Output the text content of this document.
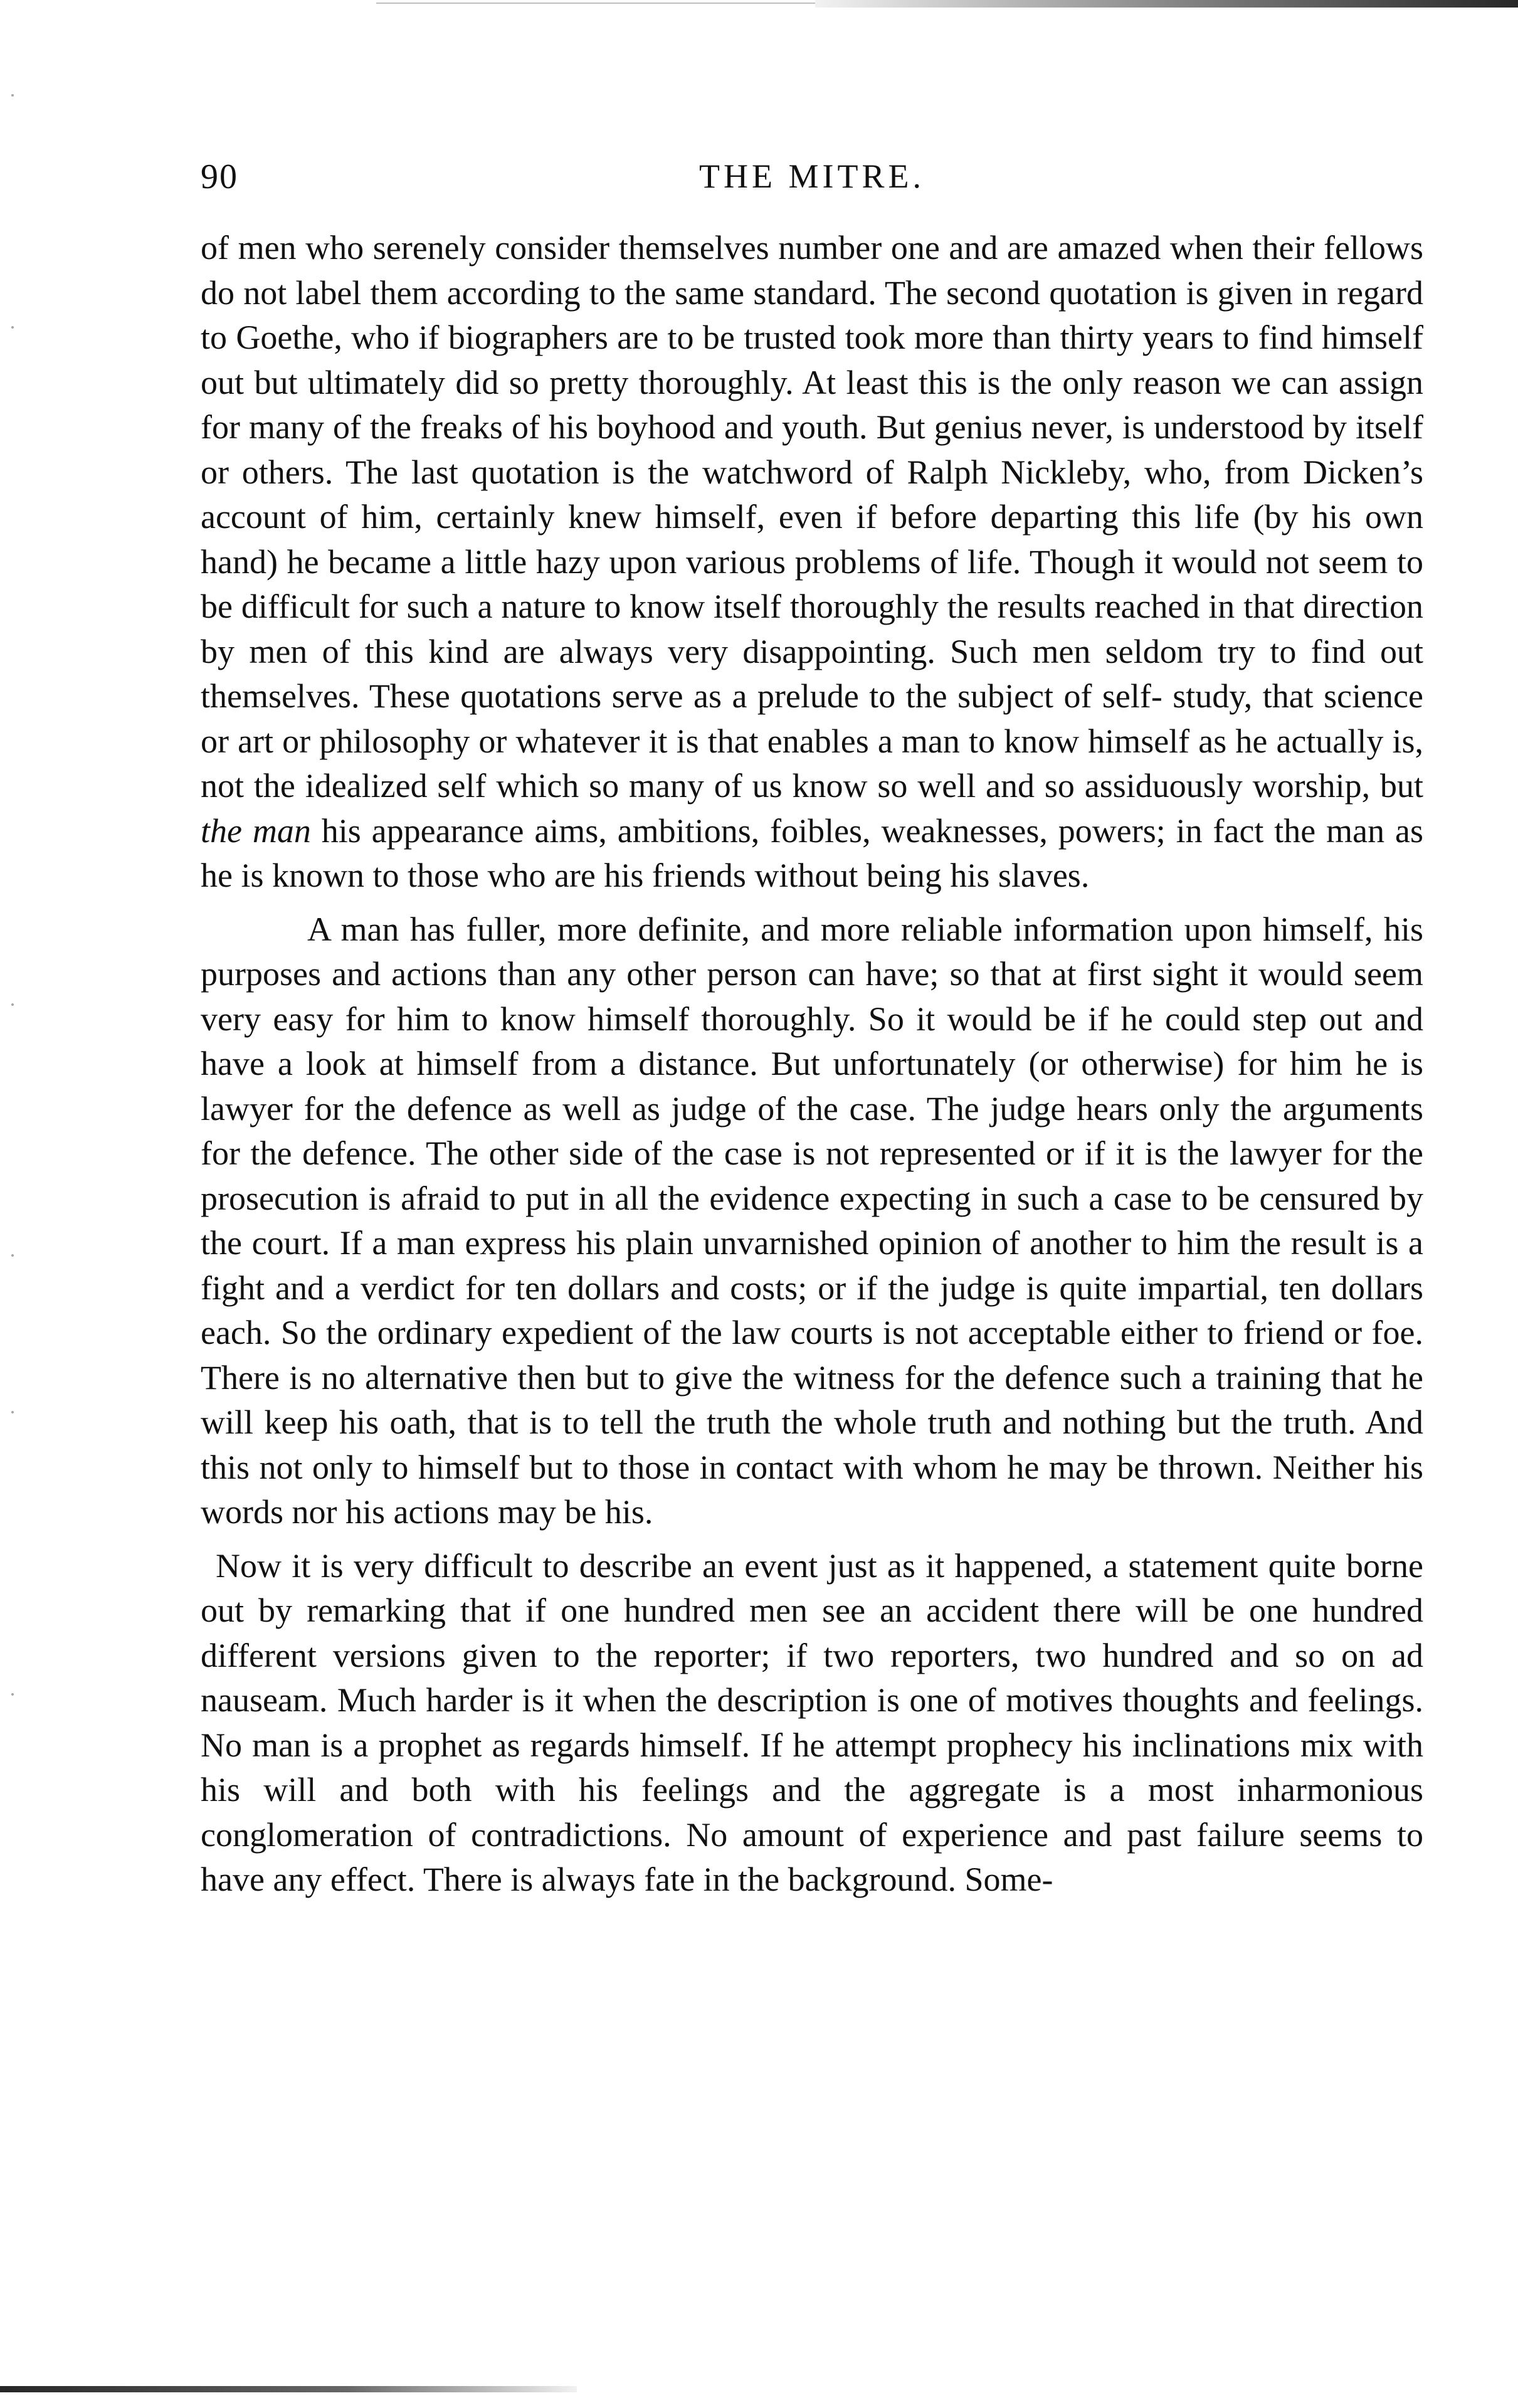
90	THE MITRE.

of men who serenely consider themselves number one and are amazed when their fellows do not label them according to the same standard. The second quotation is given in regard to Goethe, who if biographers are to be trusted took more than thirty years to find himself out but ultimately did so pretty thoroughly. At least this is the only reason we can assign for many of the freaks of his boyhood and youth. But genius never, is understood by itself or others. The last quotation is the watchword of Ralph Nickleby, who, from Dicken’s account of him, certainly knew himself, even if before departing this life (by his own hand) he became a little hazy upon various problems of life. Though it would not seem to be difficult for such a nature to know itself thoroughly the results reached in that direction by men of this kind are always very disappointing. Such men seldom try to find out themselves. These quotations serve as a prelude to the subject of self- study, that science or art or philosophy or whatever it is that enables a man to know himself as he actually is, not the idealized self which so many of us know so well and so assiduously worship, but the man his appearance aims, ambitions, foibles, weaknesses, powers; in fact the man as he is known to those who are his friends without being his slaves.

A man has fuller, more definite, and more reliable information upon himself, his purposes and actions than any other person can have; so that at first sight it would seem very easy for him to know himself thoroughly. So it would be if he could step out and have a look at himself from a distance. But unfortunately (or otherwise) for him he is lawyer for the defence as well as judge of the case. The judge hears only the arguments for the defence. The other side of the case is not represented or if it is the lawyer for the prosecution is afraid to put in all the evidence expecting in such a case to be censured by the court. If a man express his plain unvarnished opinion of another to him the result is a fight and a verdict for ten dollars and costs; or if the judge is quite impartial, ten dollars each. So the ordinary expedient of the law courts is not acceptable either to friend or foe. There is no alternative then but to give the witness for the defence such a training that he will keep his oath, that is to tell the truth the whole truth and nothing but the truth. And this not only to himself but to those in contact with whom he may be thrown. Neither his words nor his actions may be his.

Now it is very difficult to describe an event just as it happened, a statement quite borne out by remarking that if one hundred men see an accident there will be one hundred different versions given to the reporter; if two reporters, two hundred and so on ad nauseam. Much harder is it when the description is one of motives thoughts and feelings. No man is a prophet as regards himself. If he attempt prophecy his inclinations mix with his will and both with his feelings and the aggregate is a most inharmonious conglomeration of contradictions. No amount of experience and past failure seems to have any effect. There is always fate in the background. Some-
